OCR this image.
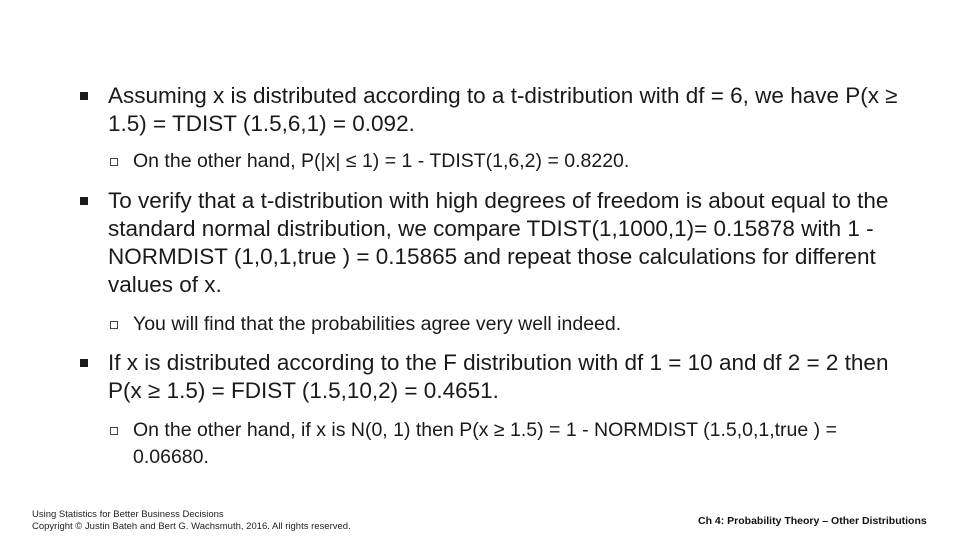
Assuming x is distributed according to a t-distribution with df = 6, we have P(x ≥ 1.5) = TDIST (1.5,6,1) = 0.092.
On the other hand, P(|x| ≤ 1) = 1 - TDIST(1,6,2) = 0.8220.
To verify that a t-distribution with high degrees of freedom is about equal to the standard normal distribution, we compare TDIST(1,1000,1)= 0.15878 with 1 - NORMDIST (1,0,1,true ) = 0.15865 and repeat those calculations for different values of x.
You will find that the probabilities agree very well indeed.
If x is distributed according to the F distribution with df 1 = 10 and df 2 = 2 then P(x ≥ 1.5) = FDIST (1.5,10,2) = 0.4651.
On the other hand, if x is N(0, 1) then P(x ≥ 1.5) = 1 - NORMDIST (1.5,0,1,true ) = 0.06680.
Using Statistics for Better Business Decisions
Copyright © Justin Bateh and Bert G. Wachsmuth, 2016. All rights reserved.	Ch 4: Probability Theory – Other Distributions
